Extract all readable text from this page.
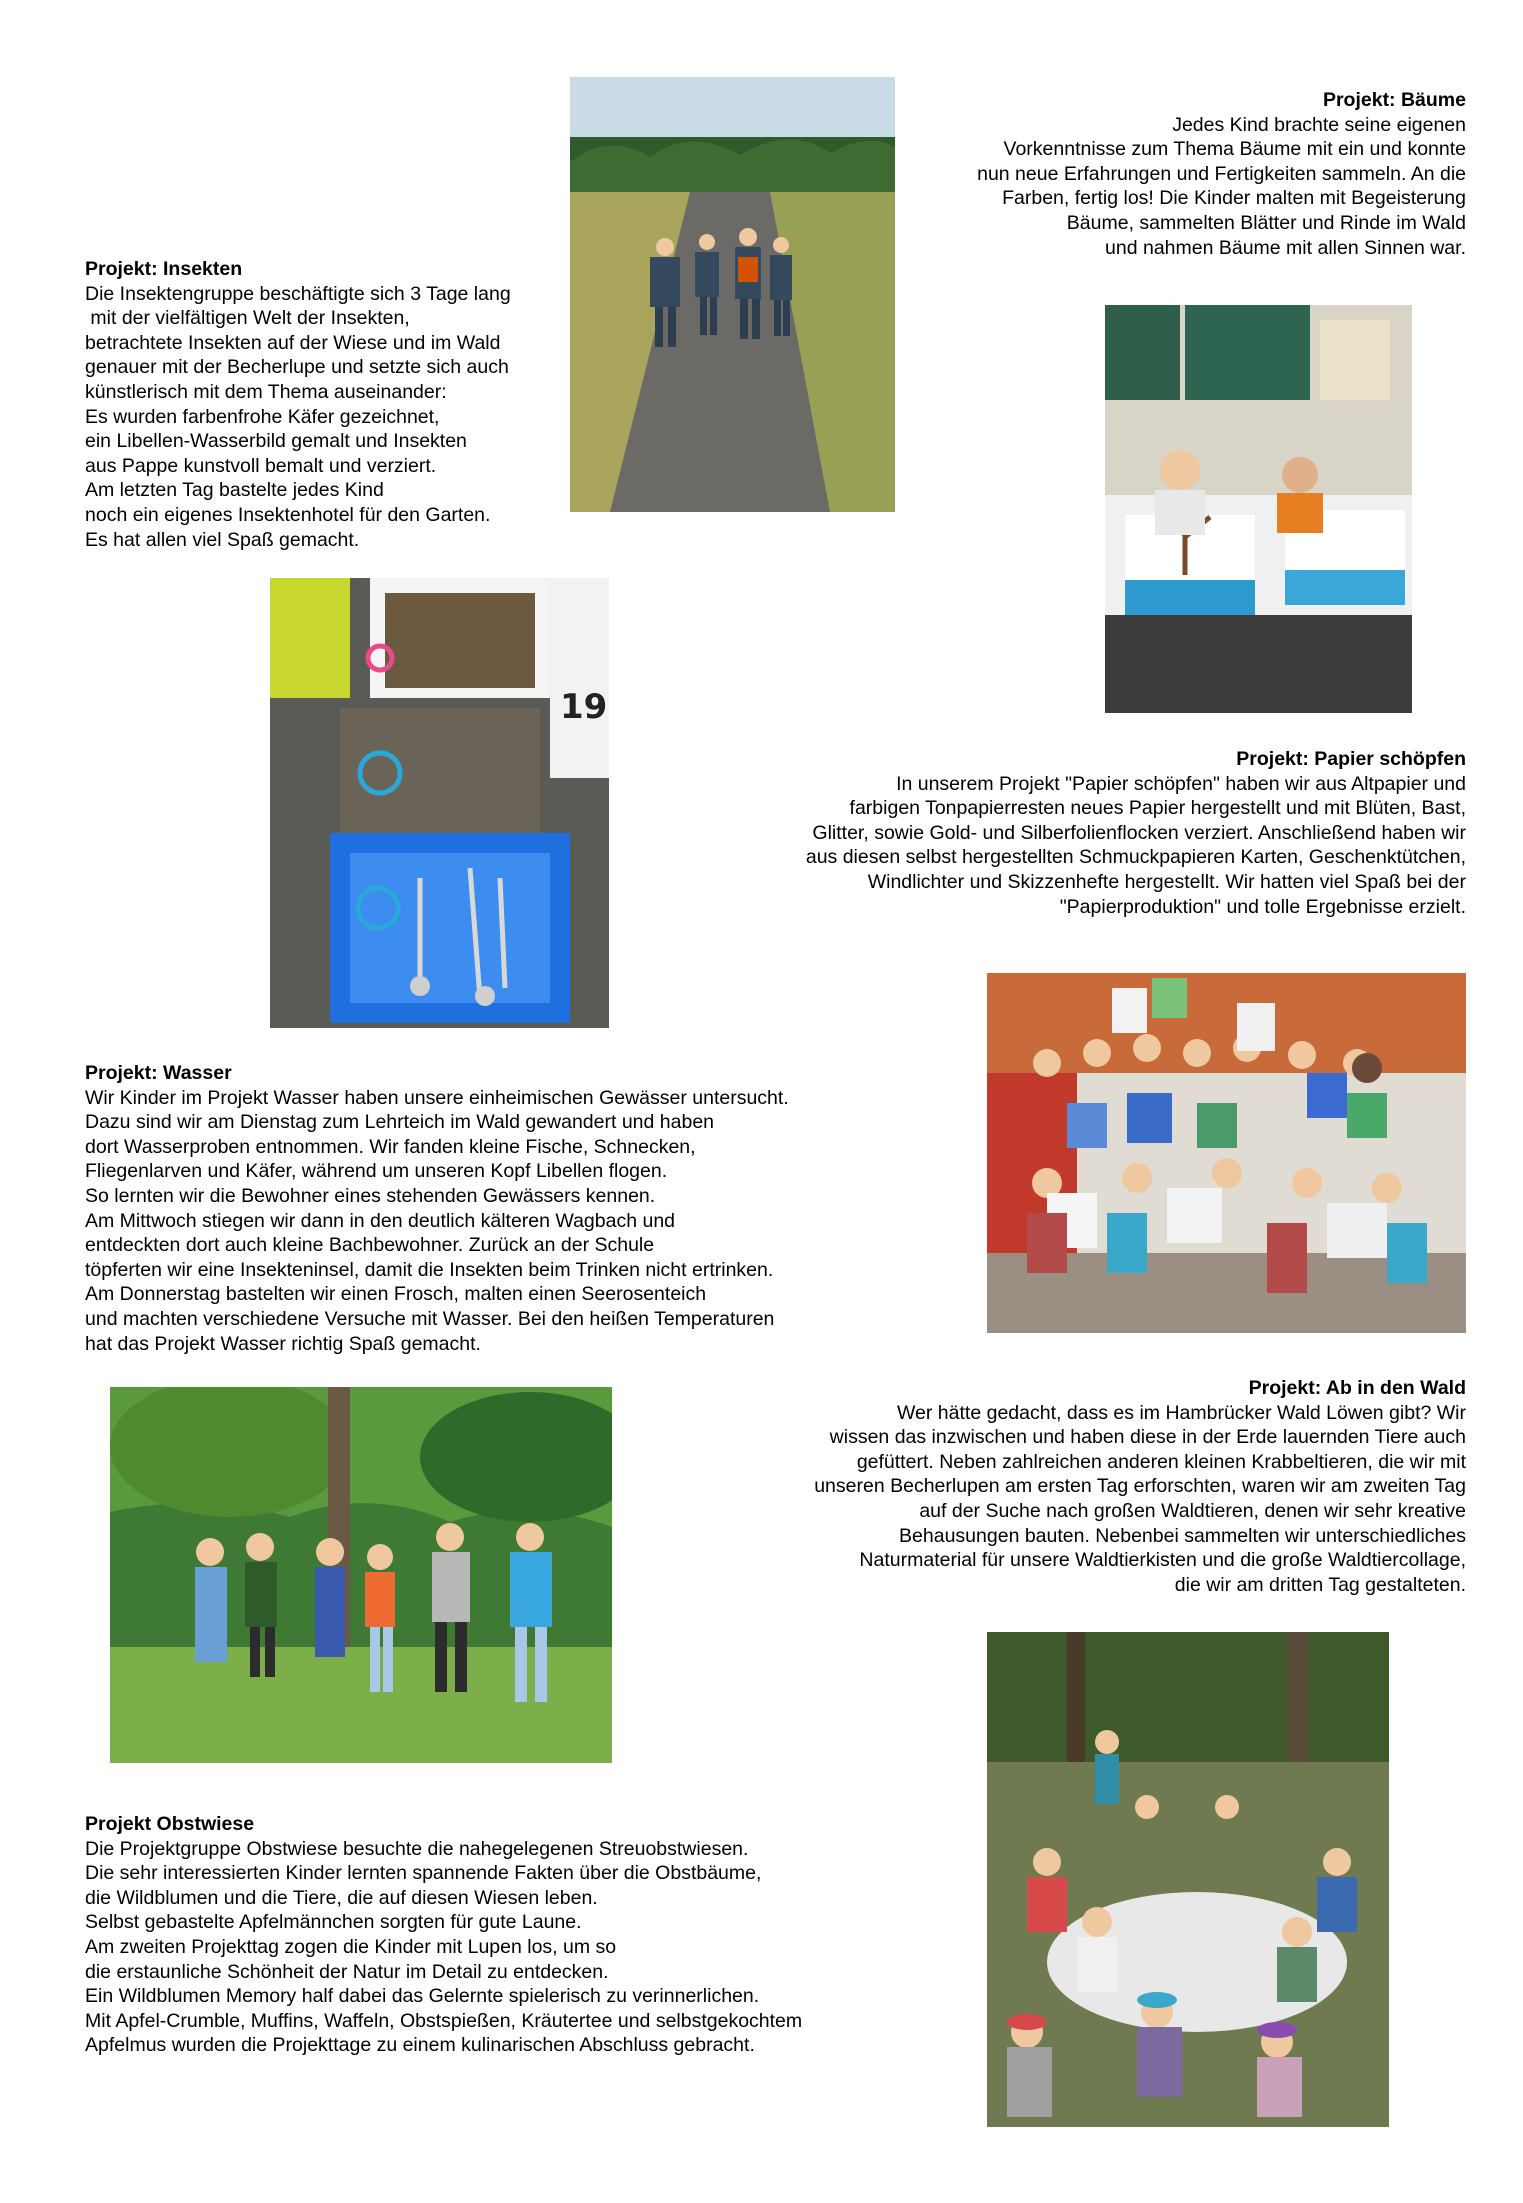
Projekt: Bäume
Jedes Kind brachte seine eigenen
Vorkenntnisse zum Thema Bäume mit ein und konnte
nun neue Erfahrungen und Fertigkeiten sammeln. An die
Farben, fertig los! Die Kinder malten mit Begeisterung
Bäume, sammelten Blätter und Rinde im Wald
und nahmen Bäume mit allen Sinnen war.
Projekt: Insekten
Die Insektengruppe beschäftigte sich 3 Tage lang
mit der vielfältigen Welt der Insekten,
betrachtete Insekten auf der Wiese und im Wald
genauer mit der Becherlupe und setzte sich auch
künstlerisch mit dem Thema auseinander:
Es wurden farbenfrohe Käfer gezeichnet,
ein Libellen-Wasserbild gemalt und Insekten
aus Pappe kunstvoll bemalt und verziert.
Am letzten Tag bastelte jedes Kind
noch ein eigenes Insektenhotel für den Garten.
Es hat allen viel Spaß gemacht.
Projekt: Papier schöpfen
In unserem Projekt "Papier schöpfen" haben wir aus Altpapier und
farbigen Tonpapierresten neues Papier hergestellt und mit Blüten, Bast,
Glitter, sowie Gold- und Silberfolienflocken verziert. Anschließend haben wir
aus diesen selbst hergestellten Schmuckpapieren Karten, Geschenktütchen,
Windlichter und Skizzenhefte hergestellt. Wir hatten viel Spaß bei der
"Papierproduktion" und tolle Ergebnisse erzielt.
Projekt: Wasser
Wir Kinder im Projekt Wasser haben unsere einheimischen Gewässer untersucht.
Dazu sind wir am Dienstag zum Lehrteich im Wald gewandert und haben
dort Wasserproben entnommen. Wir fanden kleine Fische, Schnecken,
Fliegenlarven und Käfer, während um unseren Kopf Libellen flogen.
So lernten wir die Bewohner eines stehenden Gewässers kennen.
Am Mittwoch stiegen wir dann in den deutlich kälteren Wagbach und
entdeckten dort auch kleine Bachbewohner. Zurück an der Schule
töpferten wir eine Insekteninsel, damit die Insekten beim Trinken nicht ertrinken.
Am Donnerstag bastelten wir einen Frosch, malten einen Seerosenteich
und machten verschiedene Versuche mit Wasser. Bei den heißen Temperaturen
hat das Projekt Wasser richtig Spaß gemacht.
Projekt: Ab in den Wald
Wer hätte gedacht, dass es im Hambrücker Wald Löwen gibt? Wir
wissen das inzwischen und haben diese in der Erde lauernden Tiere auch
gefüttert. Neben zahlreichen anderen kleinen Krabbeltieren, die wir mit
unseren Becherlupen am ersten Tag erforschten, waren wir am zweiten Tag
auf der Suche nach großen Waldtieren, denen wir sehr kreative
Behausungen bauten. Nebenbei sammelten wir unterschiedliches
Naturmaterial für unsere Waldtierkisten und die große Waldtiercollage,
die wir am dritten Tag gestalteten.
Projekt Obstwiese
Die Projektgruppe Obstwiese besuchte die nahegelegenen Streuobstwiesen.
Die sehr interessierten Kinder lernten spannende Fakten über die Obstbäume,
die Wildblumen und die Tiere, die auf diesen Wiesen leben.
Selbst gebastelte Apfelmännchen sorgten für gute Laune.
Am zweiten Projekttag zogen die Kinder mit Lupen los, um so
die erstaunliche Schönheit der Natur im Detail zu entdecken.
Ein Wildblumen Memory half dabei das Gelernte spielerisch zu verinnerlichen.
Mit Apfel-Crumble, Muffins, Waffeln, Obstspießen, Kräutertee und selbstgekochtem
Apfelmus wurden die Projekttage zu einem kulinarischen Abschluss gebracht.
19
